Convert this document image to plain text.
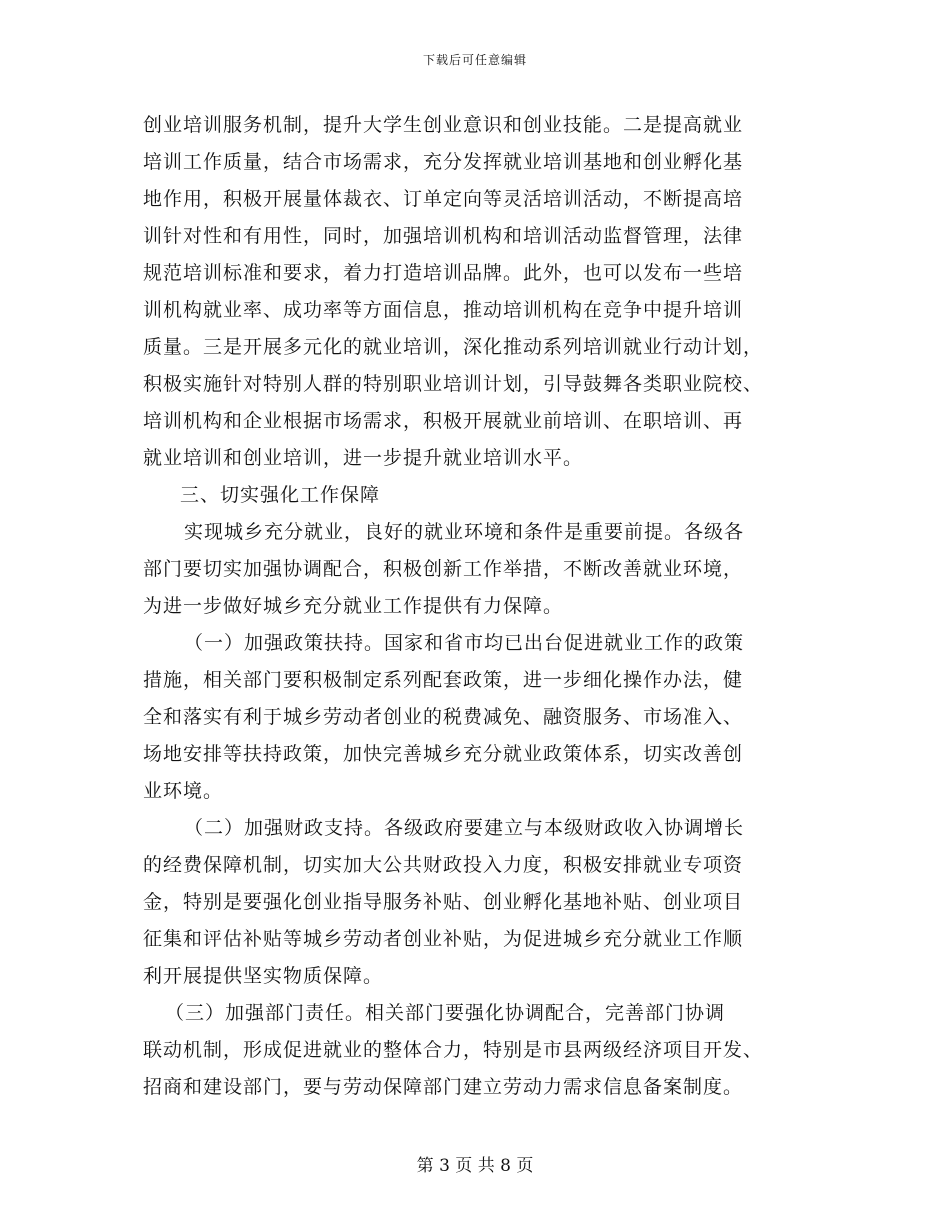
下载后可任意编辑
创业培训服务机制，提升大学生创业意识和创业技能。二是提高就业
培训工作质量，结合市场需求，充分发挥就业培训基地和创业孵化基
地作用，积极开展量体裁衣、订单定向等灵活培训活动，不断提高培
训针对性和有用性，同时，加强培训机构和培训活动监督管理，法律
规范培训标准和要求，着力打造培训品牌。此外，也可以发布一些培
训机构就业率、成功率等方面信息，推动培训机构在竞争中提升培训
质量。三是开展多元化的就业培训，深化推动系列培训就业行动计划，
积极实施针对特别人群的特别职业培训计划，引导鼓舞各类职业院校、
培训机构和企业根据市场需求，积极开展就业前培训、在职培训、再
就业培训和创业培训，进一步提升就业培训水平。
三、切实强化工作保障
实现城乡充分就业，良好的就业环境和条件是重要前提。各级各
部门要切实加强协调配合，积极创新工作举措，不断改善就业环境，
为进一步做好城乡充分就业工作提供有力保障。
（一）加强政策扶持。国家和省市均已出台促进就业工作的政策
措施，相关部门要积极制定系列配套政策，进一步细化操作办法，健
全和落实有利于城乡劳动者创业的税费减免、融资服务、市场准入、
场地安排等扶持政策，加快完善城乡充分就业政策体系，切实改善创
业环境。
（二）加强财政支持。各级政府要建立与本级财政收入协调增长
的经费保障机制，切实加大公共财政投入力度，积极安排就业专项资
金，特别是要强化创业指导服务补贴、创业孵化基地补贴、创业项目
征集和评估补贴等城乡劳动者创业补贴，为促进城乡充分就业工作顺
利开展提供坚实物质保障。
（三）加强部门责任。相关部门要强化协调配合，完善部门协调
联动机制，形成促进就业的整体合力，特别是市县两级经济项目开发、
招商和建设部门，要与劳动保障部门建立劳动力需求信息备案制度。
第 3 页 共 8 页
